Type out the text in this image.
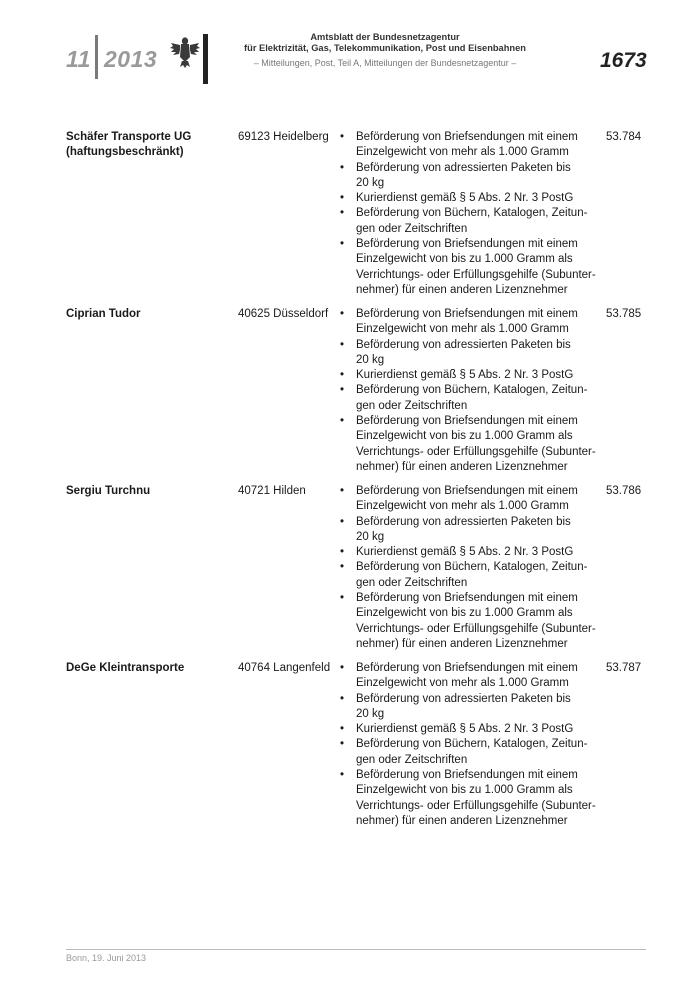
11 2013
Amtsblatt der Bundesnetzagentur
für Elektrizität, Gas, Telekommunikation, Post und Eisenbahnen
– Mitteilungen, Post, Teil A, Mitteilungen der Bundesnetzagentur –	1673
Schäfer Transporte UG
(haftungsbeschränkt)
69123 Heidelberg	• Beförderung von Briefsendungen mit einem
Einzelgewicht von mehr als 1.000 Gramm
• Beförderung von adressierten Paketen bis
20 kg
• Kurierdienst gemäß § 5 Abs. 2 Nr. 3 PostG
• Beförderung von Büchern, Katalogen, Zeitun-
gen oder Zeitschriften
• Beförderung von Briefsendungen mit einem
Einzelgewicht von bis zu 1.000 Gramm als
Verrichtungs- oder Erfüllungsgehilfe (Subunter-
nehmer) für einen anderen Lizenznehmer
53.784
Ciprian Tudor	40625 Düsseldorf	• Beförderung von Briefsendungen mit einem
Einzelgewicht von mehr als 1.000 Gramm
• Beförderung von adressierten Paketen bis
20 kg
• Kurierdienst gemäß § 5 Abs. 2 Nr. 3 PostG
• Beförderung von Büchern, Katalogen, Zeitun-
gen oder Zeitschriften
• Beförderung von Briefsendungen mit einem
Einzelgewicht von bis zu 1.000 Gramm als
Verrichtungs- oder Erfüllungsgehilfe (Subunter-
nehmer) für einen anderen Lizenznehmer
53.785
Sergiu Turchnu	40721 Hilden	• Beförderung von Briefsendungen mit einem
Einzelgewicht von mehr als 1.000 Gramm
• Beförderung von adressierten Paketen bis
20 kg
• Kurierdienst gemäß § 5 Abs. 2 Nr. 3 PostG
• Beförderung von Büchern, Katalogen, Zeitun-
gen oder Zeitschriften
• Beförderung von Briefsendungen mit einem
Einzelgewicht von bis zu 1.000 Gramm als
Verrichtungs- oder Erfüllungsgehilfe (Subunter-
nehmer) für einen anderen Lizenznehmer
53.786
DeGe Kleintransporte	40764 Langenfeld	• Beförderung von Briefsendungen mit einem
Einzelgewicht von mehr als 1.000 Gramm
• Beförderung von adressierten Paketen bis
20 kg
• Kurierdienst gemäß § 5 Abs. 2 Nr. 3 PostG
• Beförderung von Büchern, Katalogen, Zeitun-
gen oder Zeitschriften
• Beförderung von Briefsendungen mit einem
Einzelgewicht von bis zu 1.000 Gramm als
Verrichtungs- oder Erfüllungsgehilfe (Subunter-
nehmer) für einen anderen Lizenznehmer
53.787
Bonn, 19. Juni 2013
